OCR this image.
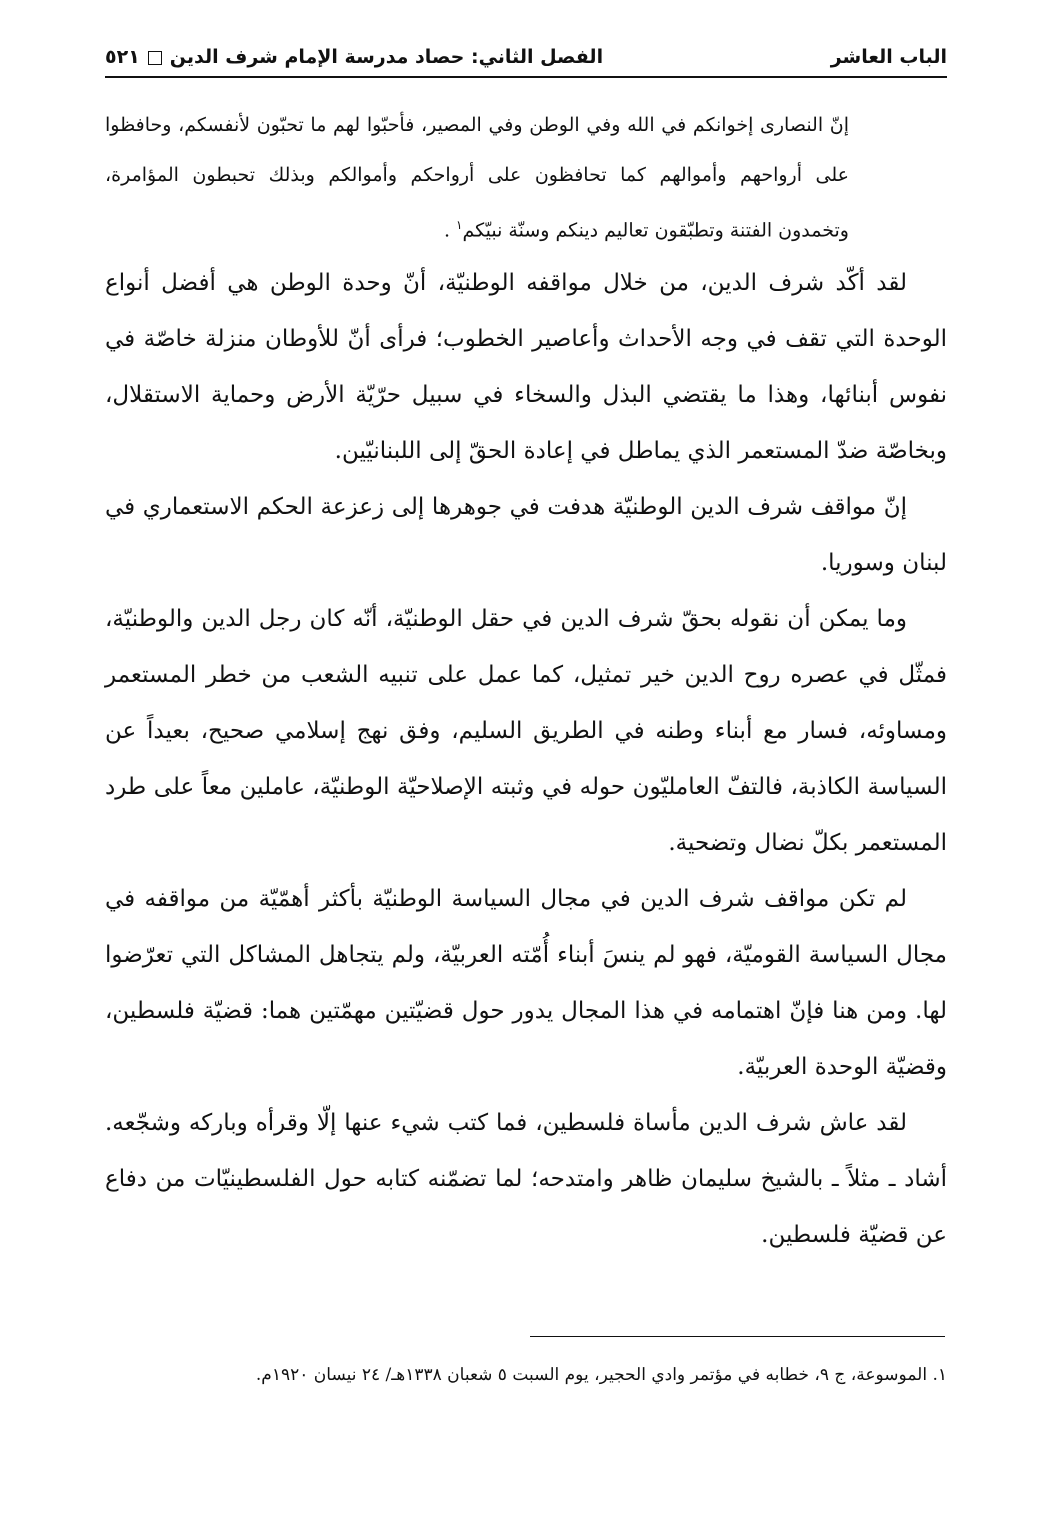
الباب العاشر
الفصل الثاني: حصاد مدرسة الإمام شرف الدين٥٢١

إنّ النصارى إخوانكم في الله وفي الوطن وفي المصير، فأحبّوا لهم ما تحبّون لأنفسكم، وحافظوا على أرواحهم وأموالهم كما تحافظون على أرواحكم وأموالكم وبذلك تحبطون المؤامرة، وتخمدون الفتنة وتطبّقون تعاليم دينكم وسنّة نبيّكم$^١$ .

لقد أكّد شرف الدين، من خلال مواقفه الوطنيّة، أنّ وحدة الوطن هي أفضل أنواع الوحدة التي تقف في وجه الأحداث وأعاصير الخطوب؛ فرأى أنّ للأوطان منزلة خاصّة في نفوس أبنائها، وهذا ما يقتضي البذل والسخاء في سبيل حرّيّة الأرض وحماية الاستقلال، وبخاصّة ضدّ المستعمر الذي يماطل في إعادة الحقّ إلى اللبنانيّين.

إنّ مواقف شرف الدين الوطنيّة هدفت في جوهرها إلى زعزعة الحكم الاستعماري في لبنان وسوريا.

وما يمكن أن نقوله بحقّ شرف الدين في حقل الوطنيّة، أنّه كان رجل الدين والوطنيّة، فمثّل في عصره روح الدين خير تمثيل، كما عمل على تنبيه الشعب من خطر المستعمر ومساوئه، فسار مع أبناء وطنه في الطريق السليم، وفق نهج إسلامي صحيح، بعيداً عن السياسة الكاذبة، فالتفّ العامليّون حوله في وثبته الإصلاحيّة الوطنيّة، عاملين معاً على طرد المستعمر بكلّ نضال وتضحية.

لم تكن مواقف شرف الدين في مجال السياسة الوطنيّة بأكثر أهمّيّة من مواقفه في مجال السياسة القوميّة، فهو لم ينسَ أبناء أُمّته العربيّة، ولم يتجاهل المشاكل التي تعرّضوا لها. ومن هنا فإنّ اهتمامه في هذا المجال يدور حول قضيّتين مهمّتين هما: قضيّة فلسطين، وقضيّة الوحدة العربيّة.

لقد عاش شرف الدين مأساة فلسطين، فما كتب شيء عنها إلّا وقرأه وباركه وشجّعه. أشاد ـ مثلاً ـ بالشيخ سليمان ظاهر وامتدحه؛ لما تضمّنه كتابه حول الفلسطينيّات من دفاع عن قضيّة فلسطين.

١. الموسوعة، ج ٩، خطابه في مؤتمر وادي الحجير، يوم السبت ٥ شعبان ١٣٣٨هـ/ ٢٤ نيسان ١٩٢٠م.
